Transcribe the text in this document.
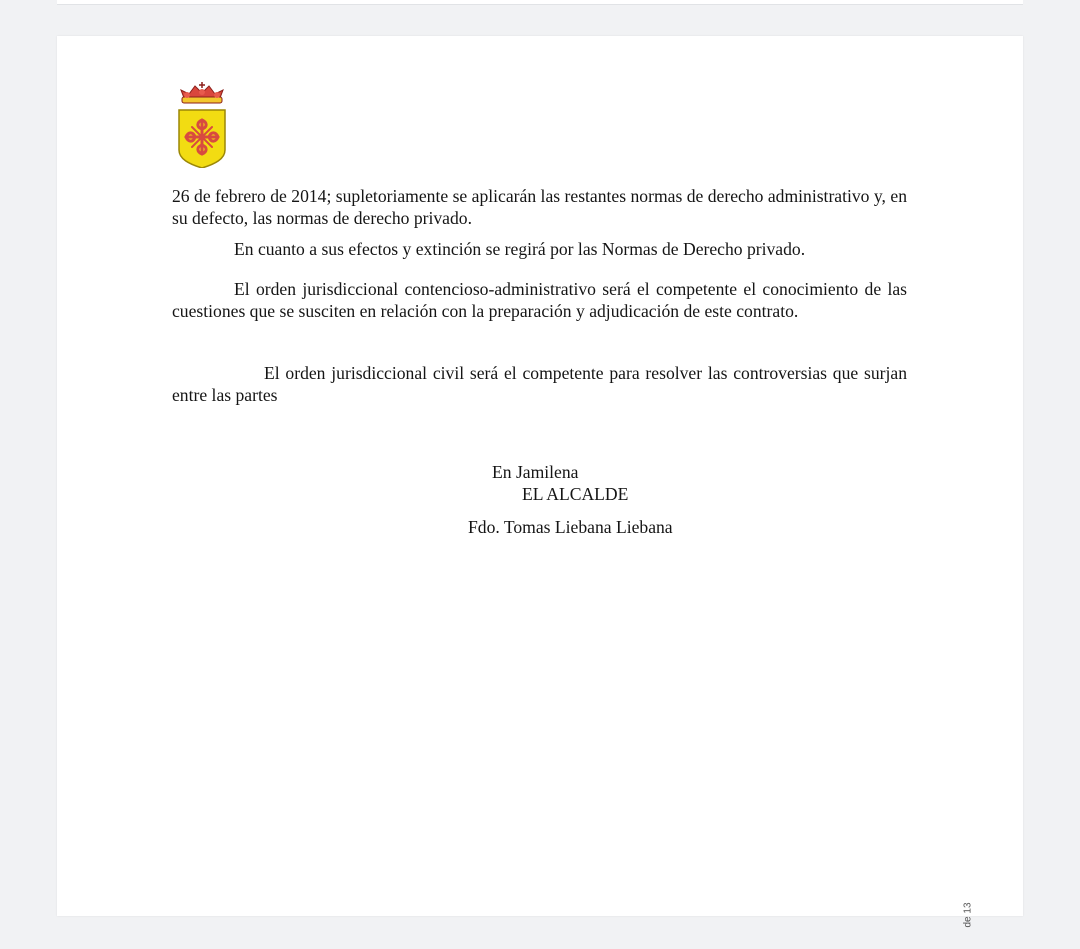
26 de febrero de 2014; supletoriamente se aplicarán las restantes normas de derecho administrativo y, en su defecto, las normas de derecho privado.
En cuanto a sus efectos y extinción se regirá por las Normas de Derecho privado.
El orden jurisdiccional contencioso-administrativo será el competente el conocimiento de las cuestiones que se susciten en relación con la preparación y adjudicación de este contrato.
El orden jurisdiccional civil será el competente para resolver las controversias que surjan entre las partes
En Jamilena
EL ALCALDE
Fdo. Tomas Liebana Liebana
de 13
